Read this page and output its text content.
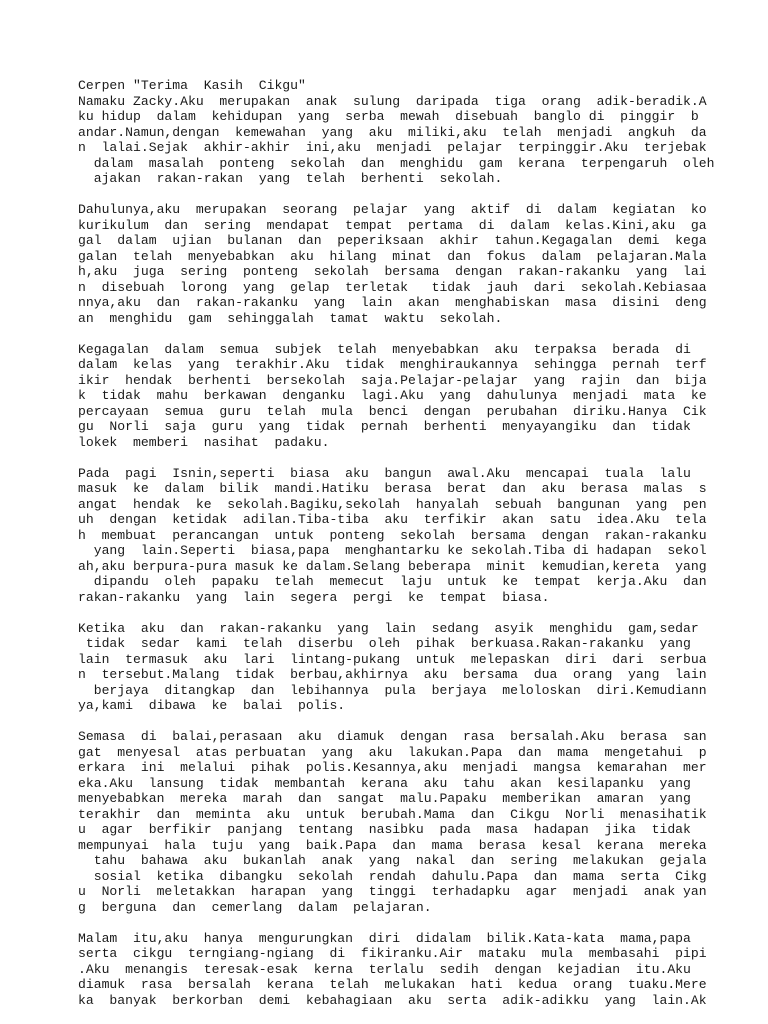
Cerpen "Terima  Kasih  Cikgu"
Namaku Zacky.Aku  merupakan  anak  sulung  daripada  tiga  orang  adik-beradik.A
ku hidup  dalam  kehidupan  yang  serba  mewah  disebuah  banglo di  pinggir  b
andar.Namun,dengan  kemewahan  yang  aku  miliki,aku  telah  menjadi  angkuh  da
n  lalai.Sejak  akhir-akhir  ini,aku  menjadi  pelajar  terpinggir.Aku  terjebak
dalam  masalah  ponteng  sekolah  dan  menghidu  gam  kerana  terpengaruh  oleh
ajakan  rakan-rakan  yang  telah  berhenti  sekolah.
Dahulunya,aku  merupakan  seorang  pelajar  yang  aktif  di  dalam  kegiatan  ko
kurikulum  dan  sering  mendapat  tempat  pertama  di  dalam  kelas.Kini,aku  ga
gal  dalam  ujian  bulanan  dan  peperiksaan  akhir  tahun.Kegagalan  demi  kega
galan  telah  menyebabkan  aku  hilang  minat  dan  fokus  dalam  pelajaran.Mala
h,aku  juga  sering  ponteng  sekolah  bersama  dengan  rakan-rakanku  yang  lai
n  disebuah  lorong  yang  gelap  terletak   tidak  jauh  dari  sekolah.Kebiasaa
nnya,aku  dan  rakan-rakanku  yang  lain  akan  menghabiskan  masa  disini  deng
an  menghidu  gam  sehinggalah  tamat  waktu  sekolah.
Kegagalan  dalam  semua  subjek  telah  menyebabkan  aku  terpaksa  berada  di
dalam  kelas  yang  terakhir.Aku  tidak  menghiraukannya  sehingga  pernah  terf
ikir  hendak  berhenti  bersekolah  saja.Pelajar-pelajar  yang  rajin  dan  bija
k  tidak  mahu  berkawan  denganku  lagi.Aku  yang  dahulunya  menjadi  mata  ke
percayaan  semua  guru  telah  mula  benci  dengan  perubahan  diriku.Hanya  Cik
gu  Norli  saja  guru  yang  tidak  pernah  berhenti  menyayangiku  dan  tidak
lokek  memberi  nasihat  padaku.
Pada  pagi  Isnin,seperti  biasa  aku  bangun  awal.Aku  mencapai  tuala  lalu
masuk  ke  dalam  bilik  mandi.Hatiku  berasa  berat  dan  aku  berasa  malas  s
angat  hendak  ke  sekolah.Bagiku,sekolah  hanyalah  sebuah  bangunan  yang  pen
uh  dengan  ketidak  adilan.Tiba-tiba  aku  terfikir  akan  satu  idea.Aku  tela
h  membuat  perancangan  untuk  ponteng  sekolah  bersama  dengan  rakan-rakanku
yang  lain.Seperti  biasa,papa  menghantarku ke sekolah.Tiba di hadapan  sekol
ah,aku berpura-pura masuk ke dalam.Selang beberapa  minit  kemudian,kereta  yang
dipandu  oleh  papaku  telah  memecut  laju  untuk  ke  tempat  kerja.Aku  dan
rakan-rakanku  yang  lain  segera  pergi  ke  tempat  biasa.
Ketika  aku  dan  rakan-rakanku  yang  lain  sedang  asyik  menghidu  gam,sedar
tidak  sedar  kami  telah  diserbu  oleh  pihak  berkuasa.Rakan-rakanku  yang
lain  termasuk  aku  lari  lintang-pukang  untuk  melepaskan  diri  dari  serbua
n  tersebut.Malang  tidak  berbau,akhirnya  aku  bersama  dua  orang  yang  lain
berjaya  ditangkap  dan  lebihannya  pula  berjaya  meloloskan  diri.Kemudiann
ya,kami  dibawa  ke  balai  polis.
Semasa  di  balai,perasaan  aku  diamuk  dengan  rasa  bersalah.Aku  berasa  san
gat  menyesal  atas perbuatan  yang  aku  lakukan.Papa  dan  mama  mengetahui  p
erkara  ini  melalui  pihak  polis.Kesannya,aku  menjadi  mangsa  kemarahan  mer
eka.Aku  lansung  tidak  membantah  kerana  aku  tahu  akan  kesilapanku  yang
menyebabkan  mereka  marah  dan  sangat  malu.Papaku  memberikan  amaran  yang
terakhir  dan  meminta  aku  untuk  berubah.Mama  dan  Cikgu  Norli  menasihatik
u  agar  berfikir  panjang  tentang  nasibku  pada  masa  hadapan  jika  tidak
mempunyai  hala  tuju  yang  baik.Papa  dan  mama  berasa  kesal  kerana  mereka
tahu  bahawa  aku  bukanlah  anak  yang  nakal  dan  sering  melakukan  gejala
sosial  ketika  dibangku  sekolah  rendah  dahulu.Papa  dan  mama  serta  Cikg
u  Norli  meletakkan  harapan  yang  tinggi  terhadapku  agar  menjadi  anak yan
g  berguna  dan  cemerlang  dalam  pelajaran.
Malam  itu,aku  hanya  mengurungkan  diri  didalam  bilik.Kata-kata  mama,papa
serta  cikgu  terngiang-ngiang  di  fikiranku.Air  mataku  mula  membasahi  pipi
.Aku  menangis  teresak-esak  kerna  terlalu  sedih  dengan  kejadian  itu.Aku
diamuk  rasa  bersalah  kerana  telah  melukakan  hati  kedua  orang  tuaku.Mere
ka  banyak  berkorban  demi  kebahagiaan  aku  serta  adik-adikku  yang  lain.Ak
